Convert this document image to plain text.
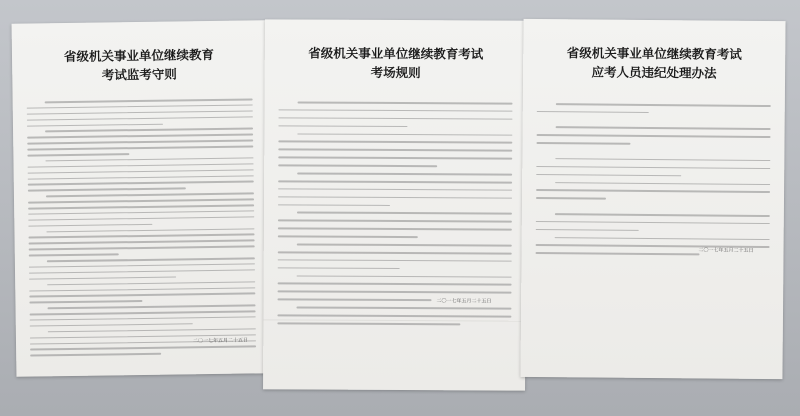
省级机关事业单位继续教育
考试监考守则
二〇一七年五月二十五日
省级机关事业单位继续教育考试
考场规则
二〇一七年五月二十五日
省级机关事业单位继续教育考试
应考人员违纪处理办法
二〇一七年五月二十五日
